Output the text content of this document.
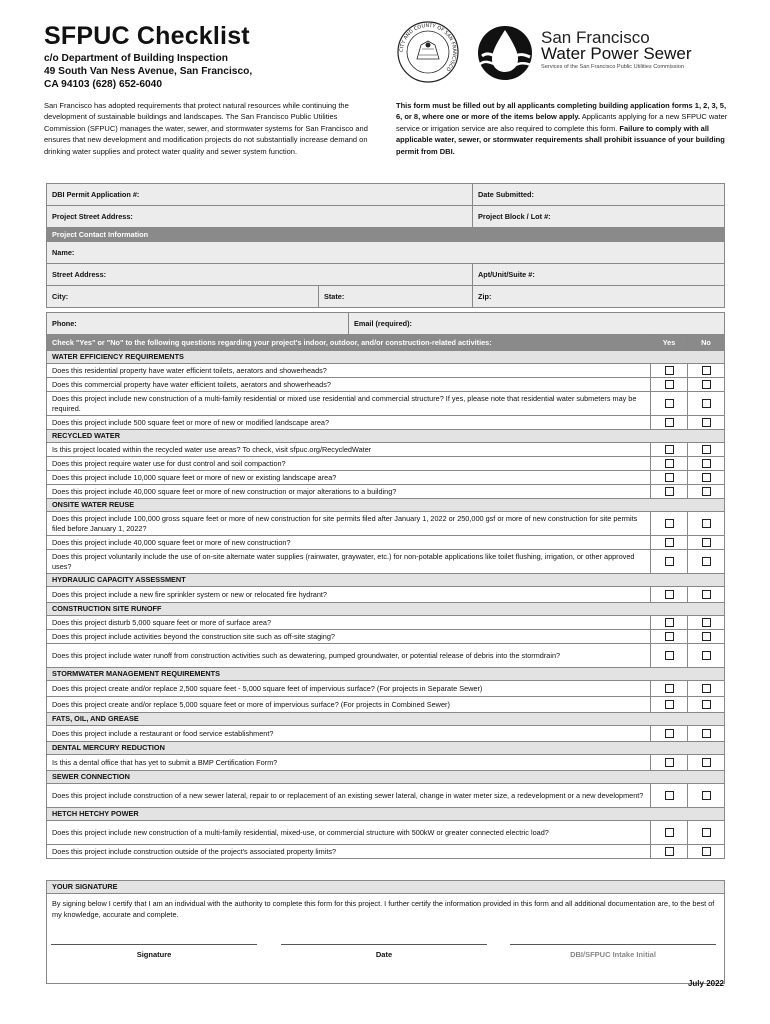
SFPUC Checklist
c/o Department of Building Inspection
49 South Van Ness Avenue, San Francisco,
CA 94103 (628) 652-6040
CITY AND COUNTY OF SAN FRANCISCO
San Francisco
Water Power Sewer
Services of the San Francisco Public Utilities Commission
San Francisco has adopted requirements that protect natural resources while continuing the development of sustainable buildings and landscapes. The San Francisco Public Utilities Commission (SFPUC) manages the water, sewer, and stormwater systems for San Francisco and ensures that new development and modification projects do not substantially increase demand on drinking water supplies and protect water quality and sewer system function.
This form must be filled out by all applicants completing building application forms 1, 2, 3, 5, 6, or 8, where one or more of the items below apply. Applicants applying for a new SFPUC water service or irrigation service are also required to complete this form. Failure to comply with all applicable water, sewer, or stormwater requirements shall prohibit issuance of your building permit from DBI.
DBI Permit Application #:		Date Submitted:
Project Street Address:		Project Block / Lot #:
Project Contact Information		
Name:		
Street Address:		Apt/Unit/Suite #:
City:	State:	Zip:
Phone:	Email (required):
Check "Yes" or "No" to the following questions regarding your project's indoor, outdoor, and/or construction-related activities:	Yes	No
WATER EFFICIENCY REQUIREMENTS		
Does this residential property have water efficient toilets, aerators and showerheads?		
Does this commercial property have water efficient toilets, aerators and showerheads?		
Does this project include new construction of a multi-family residential or mixed use residential and commercial structure? If yes, please note that residential water submeters may be required.		
Does this project include 500 square feet or more of new or modified landscape area?		
RECYCLED WATER		
Is this project located within the recycled water use areas? To check, visit sfpuc.org/RecycledWater		
Does this project require water use for dust control and soil compaction?		
Does this project include 10,000 square feet or more of new or existing landscape area?		
Does this project include 40,000 square feet or more of new construction or major alterations to a building?		
ONSITE WATER REUSE		
Does this project include 100,000 gross square feet or more of new construction for site permits filed after January 1, 2022 or 250,000 gsf or more of new construction for site permits filed before January 1, 2022?		
Does this project include 40,000 square feet or more of new construction?		
Does this project voluntarily include the use of on-site alternate water supplies (rainwater, graywater, etc.) for non-potable applications like toilet flushing, irrigation, or other approved uses?		
HYDRAULIC CAPACITY ASSESSMENT		
Does this project include a new fire sprinkler system or new or relocated fire hydrant?		
CONSTRUCTION SITE RUNOFF		
Does this project disturb 5,000 square feet or more of surface area?		
Does this project include activities beyond the construction site such as off-site staging?		
Does this project include water runoff from construction activities such as dewatering, pumped groundwater, or potential release of debris into the stormdrain?		
STORMWATER MANAGEMENT REQUIREMENTS		
Does this project create and/or replace 2,500 square feet - 5,000 square feet of impervious surface? (For projects in Separate Sewer)		
Does this project create and/or replace 5,000 square feet or more of impervious surface? (For projects in Combined Sewer)		
FATS, OIL, AND GREASE		
Does this project include a restaurant or food service establishment?		
DENTAL MERCURY REDUCTION		
Is this a dental office that has yet to submit a BMP Certification Form?		
SEWER CONNECTION		
Does this project include construction of a new sewer lateral, repair to or replacement of an existing sewer lateral, change in water meter size, a redevelopment or a new development?		
HETCH HETCHY POWER		
Does this project include new construction of a multi-family residential, mixed-use, or commercial structure with 500kW or greater connected electric load?		
Does this project include construction outside of the project's associated property limits?		
YOUR SIGNATURE

By signing below I certify that I am an individual with the authority to complete this form for this project. I further certify the information provided in this form and all additional documentation are, to the best of my knowledge, accurate and complete.
Signature	Date	DBI/SFPUC Intake Initial
July 2022
